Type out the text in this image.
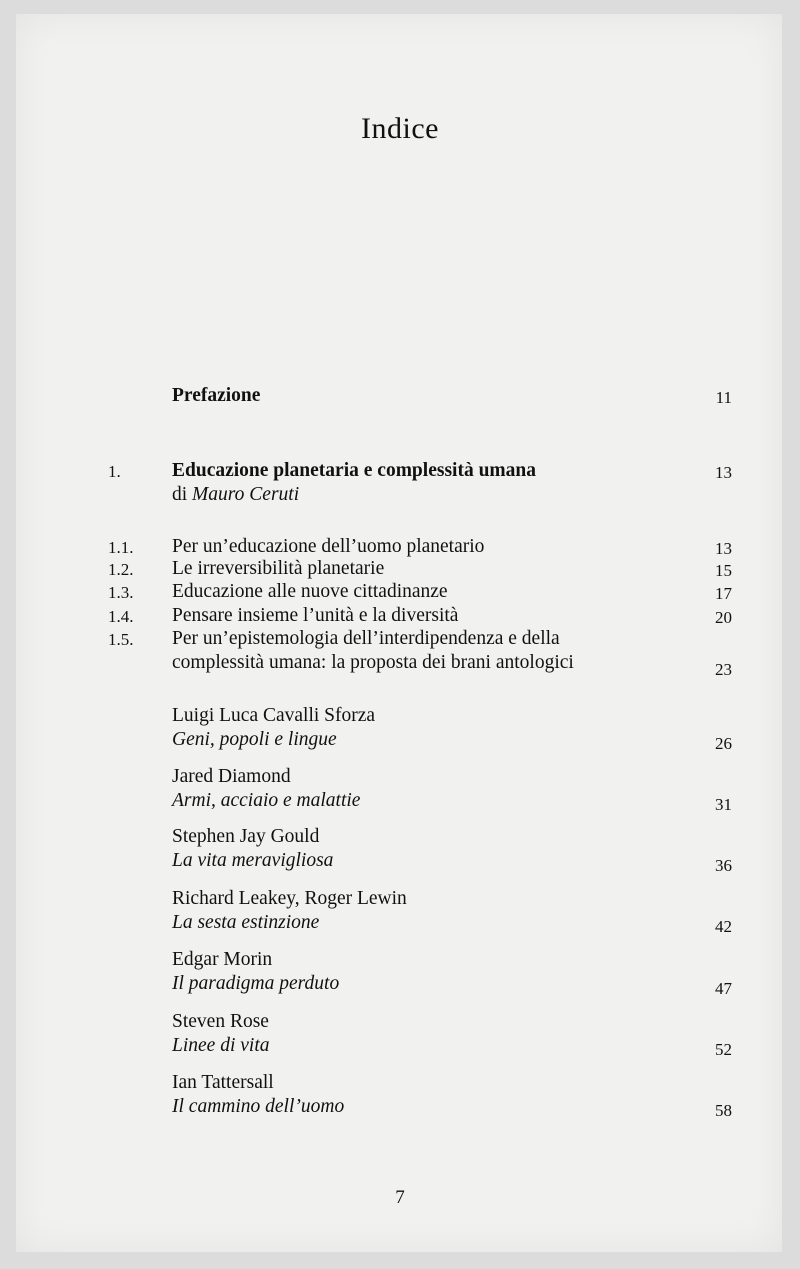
Indice
Prefazione	11
1.	Educazione planetaria e complessità umana	13
di Mauro Ceruti
1.1. Per un’educazione dell’uomo planetario	13
1.2. Le irreversibilità planetarie	15
1.3. Educazione alle nuove cittadinanze	17
1.4. Pensare insieme l’unità e la diversità	20
1.5. Per un’epistemologia dell’interdipendenza e della
complessità umana: la proposta dei brani antologici	23
Luigi Luca Cavalli Sforza
Geni, popoli e lingue	26
Jared Diamond
Armi, acciaio e malattie	31
Stephen Jay Gould
La vita meravigliosa	36
Richard Leakey, Roger Lewin
La sesta estinzione	42
Edgar Morin
Il paradigma perduto	47
Steven Rose
Linee di vita	52
Ian Tattersall
Il cammino dell’uomo	58
7
